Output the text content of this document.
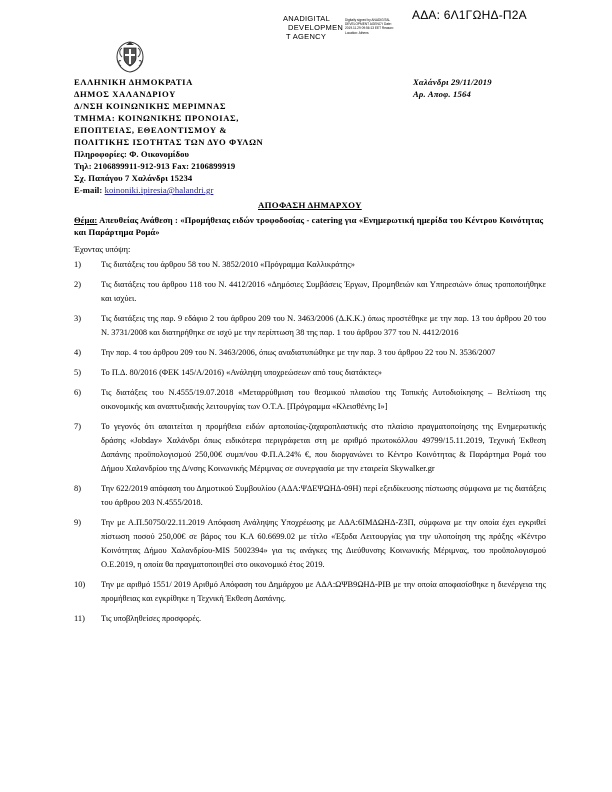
ΑΔΑ: 6Λ1ΓΩΗΔ-Π2Α
ANADIGITAL
DEVELOPMEN
T AGENCY
Digitally signed by ANADIGITAL DEVELOPMENT AGENCY Date: 2019.11.29 09:56:13 EET Reason: Location: Athens
ΕΛΛΗΝΙΚΗ ΔΗΜΟΚΡΑΤΙΑ
ΔΗΜΟΣ ΧΑΛΑΝΔΡΙΟΥ
Δ/ΝΣΗ ΚΟΙΝΩΝΙΚΗΣ ΜΕΡΙΜΝΑΣ
ΤΜΗΜΑ: ΚΟΙΝΩΝΙΚΗΣ ΠΡΟΝΟΙΑΣ,
ΕΠΟΠΤΕΙΑΣ, ΕΘΕΛΟΝΤΙΣΜΟΥ &
ΠΟΛΙΤΙΚΗΣ ΙΣΟΤΗΤΑΣ ΤΩΝ ΔΥΟ ΦΥΛΩΝ
Πληροφορίες: Φ. Οικονομίδου
Τηλ: 2106899911-912-913 Fax: 2106899919
Σχ. Παπάγου 7 Χαλάνδρι 15234
E-mail: koinoniki.ipiresia@halandri.gr
Χαλάνδρι 29/11/2019
Αρ. Αποφ. 1564
ΑΠΟΦΑΣΗ ΔΗΜΑΡΧΟΥ
Θέμα: Απευθείας Ανάθεση : «Προμήθειας ειδών τροφοδοσίας - catering για «Ενημερωτική ημερίδα του Κέντρου Κοινότητας και Παράρτημα Ρομά»
Έχοντας υπόψη:
1) Τις διατάξεις του άρθρου 58 του Ν. 3852/2010 «Πρόγραμμα Καλλικράτης»
2) Τις διατάξεις του άρθρου 118 του Ν. 4412/2016 «Δημόσιες Συμβάσεις Έργων, Προμηθειών και Υπηρεσιών» όπως τροποποιήθηκε και ισχύει.
3) Τις διατάξεις της παρ. 9 εδάφιο 2 του άρθρου 209 του Ν. 3463/2006 (Δ.Κ.Κ.) όπως προστέθηκε με την παρ. 13 του άρθρου 20 του Ν. 3731/2008 και διατηρήθηκε σε ισχύ με την περίπτωση 38 της παρ. 1 του άρθρου 377 του Ν. 4412/2016
4) Την παρ. 4 του άρθρου 209 του Ν. 3463/2006, όπως αναδιατυπώθηκε με την παρ. 3 του άρθρου 22 του Ν. 3536/2007
5) Το Π.Δ. 80/2016 (ΦΕΚ 145/Α/2016) «Ανάληψη υποχρεώσεων από τους διατάκτες»
6) Τις διατάξεις του Ν.4555/19.07.2018 «Μεταρρύθμιση του θεσμικού πλαισίου της Τοπικής Αυτοδιοίκησης – Βελτίωση της οικονομικής και αναπτυξιακής λειτουργίας των Ο.Τ.Α. [Πρόγραμμα «Κλεισθένης Ι»]
7) Το γεγονός ότι απαιτείται η προμήθεια ειδών αρτοποιίας-ζαχαροπλαστικής στο πλαίσιο πραγματοποίησης της Ενημερωτικής δράσης «Jobday» Χαλάνδρι όπως ειδικότερα περιγράφεται στη με αριθμό πρωτοκόλλου 49799/15.11.2019, Τεχνική Έκθεση Δαπάνης προϋπολογισμού 250,00€ συμπ/νου Φ.Π.Α.24% €, που διοργανώνει το Κέντρο Κοινότητας & Παράρτημα Ρομά του Δήμου Χαλανδρίου της Δ/νσης Κοινωνικής Μέριμνας σε συνεργασία με την εταιρεία Skywalker.gr
8) Την 622/2019 απόφαση του Δημοτικού Συμβουλίου (ΑΔΑ:ΨΔΕΨΩΗΔ-09Η) περί εξειδίκευσης πίστωσης σύμφωνα με τις διατάξεις του άρθρου 203 Ν.4555/2018.
9) Την με Α.Π.50750/22.11.2019 Απόφαση Ανάληψης Υποχρέωσης με ΑΔΑ:6ΙΜΔΩΗΔ-Ζ3Π, σύμφωνα με την οποία έχει εγκριθεί πίστωση ποσού 250,00€ σε βάρος του Κ.Α 60.6699.02 με τίτλο «Έξοδα Λειτουργίας για την υλοποίηση της πράξης «Κέντρο Κοινότητας Δήμου Χαλανδρίου-MIS 5002394» για τις ανάγκες της Διεύθυνσης Κοινωνικής Μέριμνας, του προϋπολογισμού Ο.Ε.2019, η οποία θα πραγματοποιηθεί στο οικονομικό έτος 2019.
10) Την με αριθμό 1551/ 2019 Αριθμό Απόφαση του Δημάρχου με ΑΔΑ:ΩΨΒ9ΩΗΔ-ΡΙΒ με την οποία αποφασίσθηκε η διενέργεια της προμήθειας και εγκρίθηκε η Τεχνική Έκθεση Δαπάνης.
11) Τις υποβληθείσες προσφορές.
